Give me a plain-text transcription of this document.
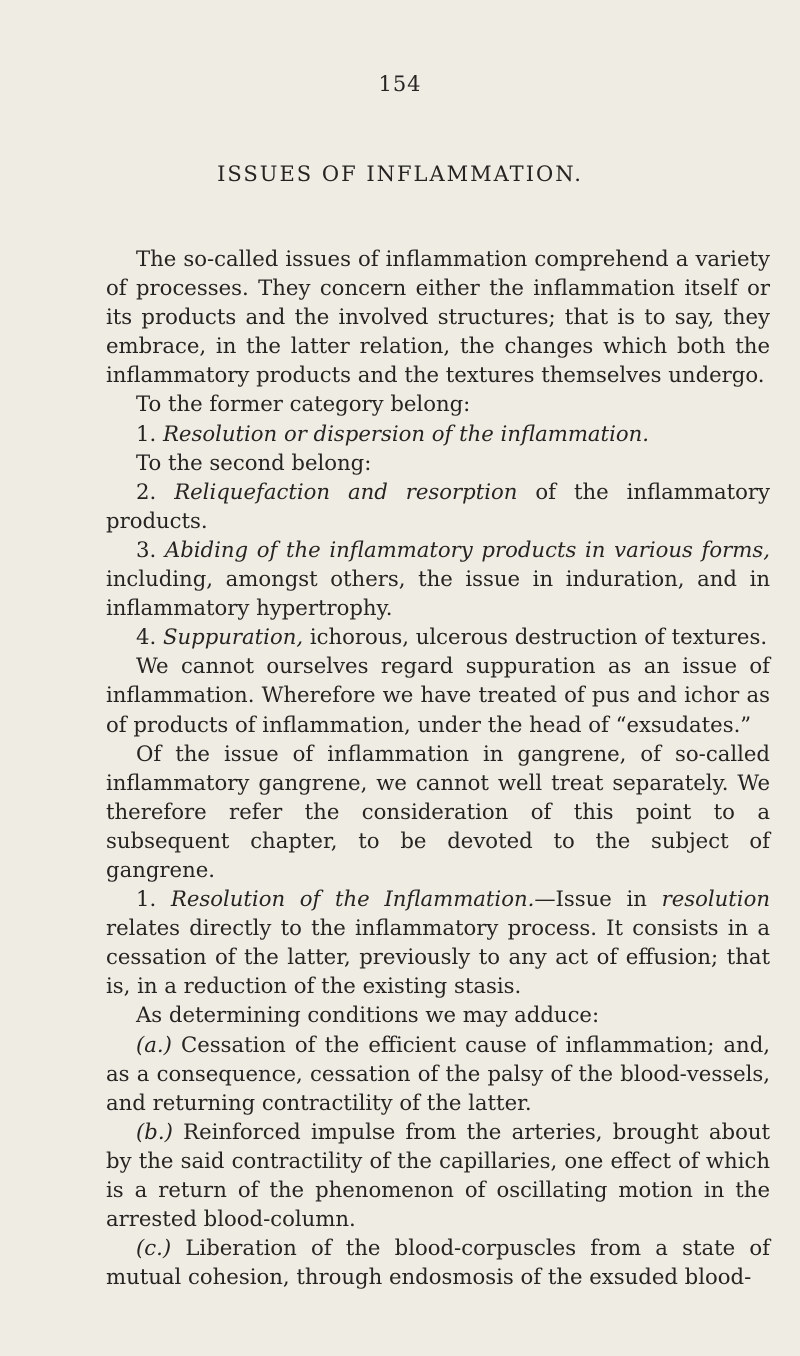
154
ISSUES OF INFLAMMATION.

The so-called issues of inflammation comprehend a variety of processes. They concern either the inflammation itself or its products and the involved structures; that is to say, they embrace, in the latter relation, the changes which both the inflammatory products and the textures themselves undergo.

To the former category belong:

1. Resolution or dispersion of the inflammation.

To the second belong:

2. Reliquefaction and resorption of the inflammatory products.

3. Abiding of the inflammatory products in various forms, including, amongst others, the issue in induration, and in inflammatory hypertrophy.

4. Suppuration, ichorous, ulcerous destruction of textures.

We cannot ourselves regard suppuration as an issue of inflammation. Wherefore we have treated of pus and ichor as of products of inflammation, under the head of “exsudates.”

Of the issue of inflammation in gangrene, of so-called inflammatory gangrene, we cannot well treat separately. We therefore refer the consideration of this point to a subsequent chapter, to be devoted to the subject of gangrene.

1. Resolution of the Inflammation.—Issue in resolution relates directly to the inflammatory process. It consists in a cessation of the latter, previously to any act of effusion; that is, in a reduction of the existing stasis.

As determining conditions we may adduce:

(a.) Cessation of the efficient cause of inflammation; and, as a consequence, cessation of the palsy of the blood-vessels, and returning contractility of the latter.

(b.) Reinforced impulse from the arteries, brought about by the said contractility of the capillaries, one effect of which is a return of the phenomenon of oscillating motion in the arrested blood-column.

(c.) Liberation of the blood-corpuscles from a state of mutual cohesion, through endosmosis of the exsuded blood-
